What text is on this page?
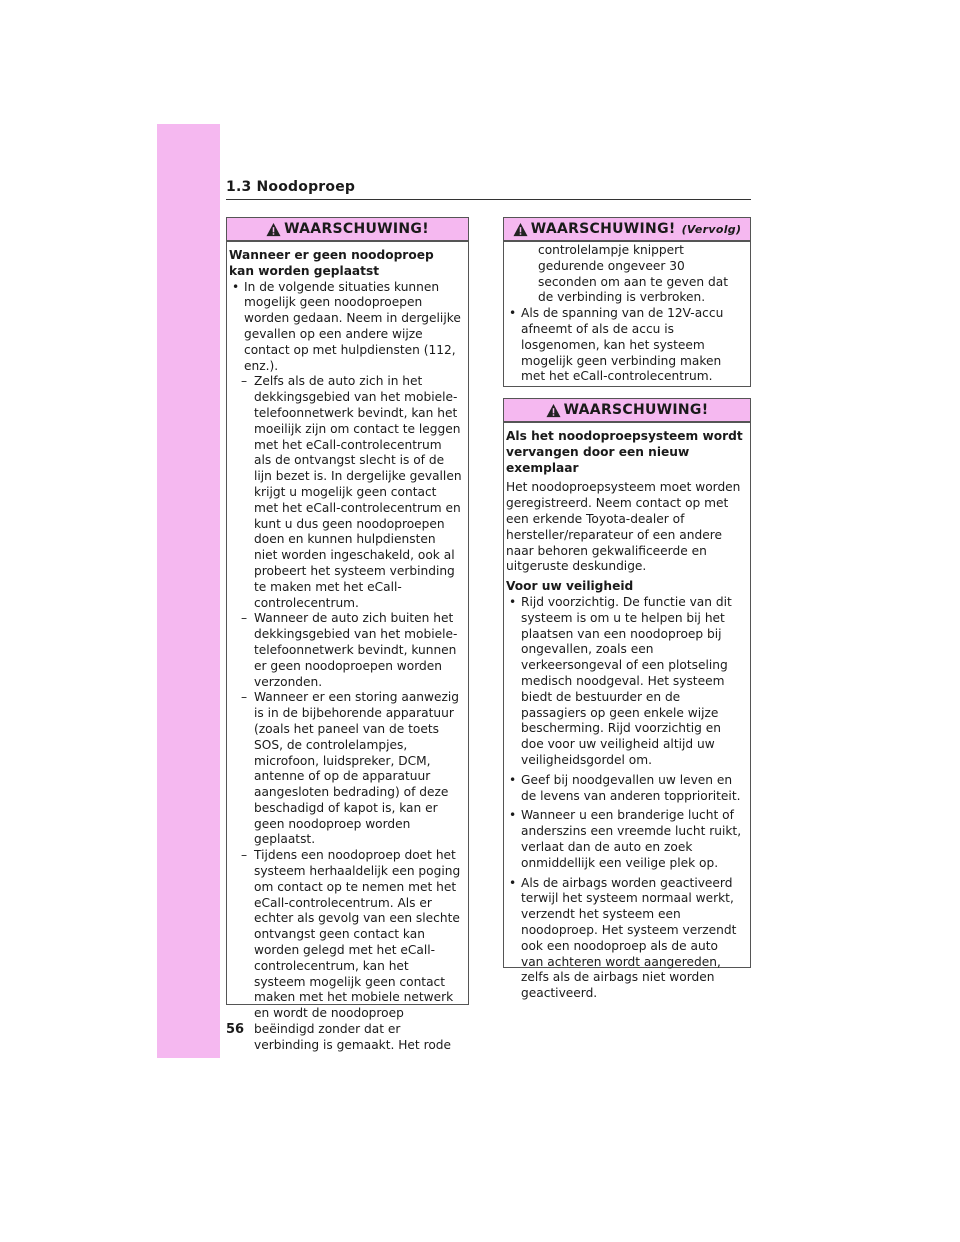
1.3 Noodoproep
WAARSCHUWING!
Wanneer er geen noodoproep kan worden geplaatst
• In de volgende situaties kunnen mogelijk geen noodoproepen worden gedaan. Neem in dergelijke gevallen op een andere wijze contact op met hulpdiensten (112, enz.).
– Zelfs als de auto zich in het dekkingsgebied van het mobiele-telefoonnetwerk bevindt, kan het moeilijk zijn om contact te leggen met het eCall-controlecentrum als de ontvangst slecht is of de lijn bezet is. In dergelijke gevallen krijgt u mogelijk geen contact met het eCall-controlecentrum en kunt u dus geen noodoproepen doen en kunnen hulpdiensten niet worden ingeschakeld, ook al probeert het systeem verbinding te maken met het eCall-controlecentrum.
– Wanneer de auto zich buiten het dekkingsgebied van het mobiele-telefoonnetwerk bevindt, kunnen er geen noodoproepen worden verzonden.
– Wanneer er een storing aanwezig is in de bijbehorende apparatuur (zoals het paneel van de toets SOS, de controlelampjes, microfoon, luidspreker, DCM, antenne of op de apparatuur aangesloten bedrading) of deze beschadigd of kapot is, kan er geen noodoproep worden geplaatst.
– Tijdens een noodoproep doet het systeem herhaaldelijk een poging om contact op te nemen met het eCall-controlecentrum. Als er echter als gevolg van een slechte ontvangst geen contact kan worden gelegd met het eCall-controlecentrum, kan het systeem mogelijk geen contact maken met het mobiele netwerk en wordt de noodoproep beëindigd zonder dat er verbinding is gemaakt. Het rode
WAARSCHUWING! (Vervolg)
controlelampje knippert gedurende ongeveer 30 seconden om aan te geven dat de verbinding is verbroken.
• Als de spanning van de 12V-accu afneemt of als de accu is losgenomen, kan het systeem mogelijk geen verbinding maken met het eCall-controlecentrum.
WAARSCHUWING!
Als het noodoproepsysteem wordt vervangen door een nieuw exemplaar
Het noodoproepsysteem moet worden geregistreerd. Neem contact op met een erkende Toyota-dealer of hersteller/reparateur of een andere naar behoren gekwalificeerde en uitgeruste deskundige.
Voor uw veiligheid
• Rijd voorzichtig. De functie van dit systeem is om u te helpen bij het plaatsen van een noodoproep bij ongevallen, zoals een verkeersongeval of een plotseling medisch noodgeval. Het systeem biedt de bestuurder en de passagiers op geen enkele wijze bescherming. Rijd voorzichtig en doe voor uw veiligheid altijd uw veiligheidsgordel om.
• Geef bij noodgevallen uw leven en de levens van anderen topprioriteit.
• Wanneer u een branderige lucht of anderszins een vreemde lucht ruikt, verlaat dan de auto en zoek onmiddellijk een veilige plek op.
• Als de airbags worden geactiveerd terwijl het systeem normaal werkt, verzendt het systeem een noodoproep. Het systeem verzendt ook een noodoproep als de auto van achteren wordt aangereden, zelfs als de airbags niet worden geactiveerd.
56
